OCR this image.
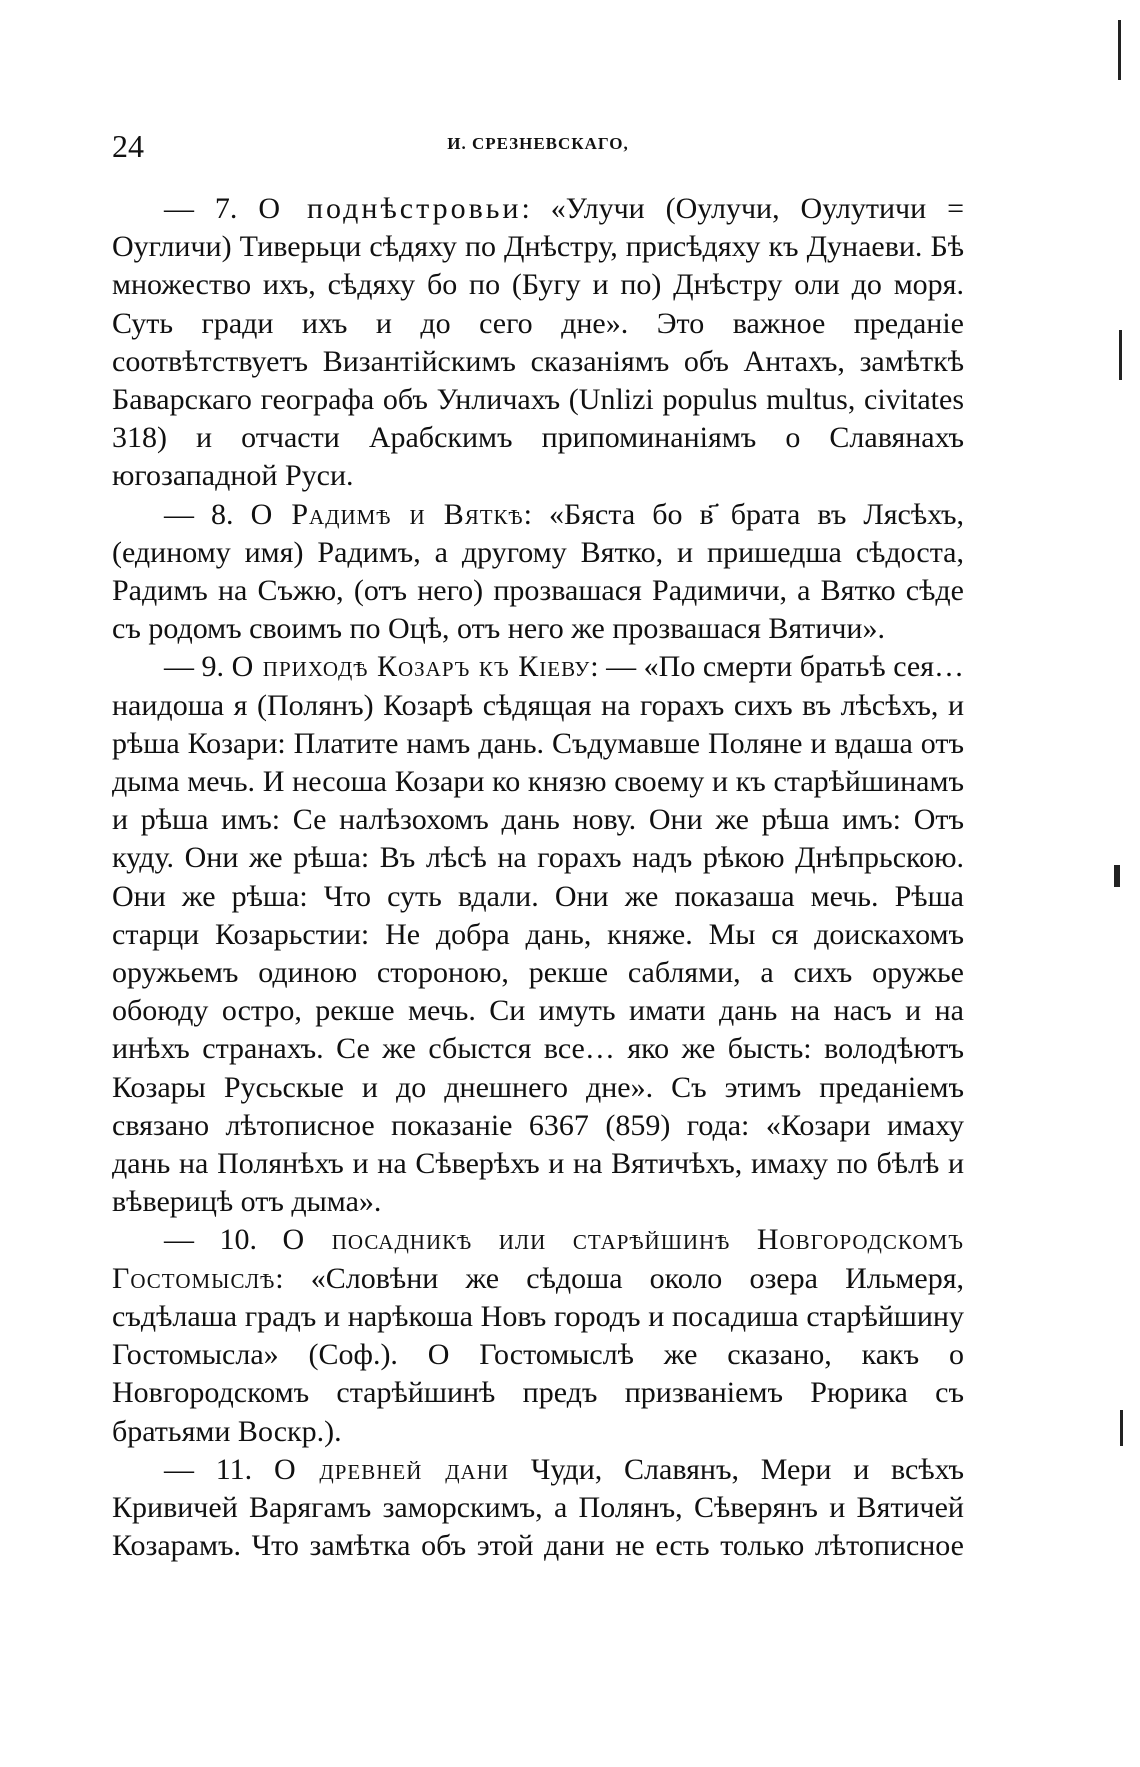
24	И. СРЕЗНЕВСКАГО,

— 7. О поднѣстровьи: «Улучи (Оулучи, Оулутичи = Оугличи) Тиверьци сѣдяху по Днѣстру, присѣдяху къ Дунаеви. Бѣ множество ихъ, сѣдяху бо по (Бугу и по) Днѣстру оли до моря. Суть гради ихъ и до сего дне». Это важное преданіе соотвѣтствуетъ Византійскимъ сказаніямъ объ Антахъ, замѣткѣ Баварскаго географа объ Унличахъ (Unlizi populus multus, civitates 318) и отчасти Арабскимъ припоминаніямъ о Славянахъ югозападной Руси.

— 8. О Радимѣ и Вяткѣ: «Бяста бо в҃ брата въ Лясѣхъ, (единому имя) Радимъ, а другому Вятко, и пришедша сѣдоста, Радимъ на Съжю, (отъ него) прозвашася Радимичи, а Вятко сѣде съ родомъ своимъ по Оцѣ, отъ него же прозвашася Вятичи».

— 9. О приходѣ Козаръ къ Кіеву: — «По смерти братьѣ сея… наидоша я (Полянъ) Козарѣ сѣдящая на горахъ сихъ въ лѣсѣхъ, и рѣша Козари: Платите намъ дань. Съдумавше Поляне и вдаша отъ дыма мечь. И несоша Козари ко князю своему и къ старѣйшинамъ и рѣша имъ: Се налѣзохомъ дань нову. Они же рѣша имъ: Отъ куду. Они же рѣша: Въ лѣсѣ на горахъ надъ рѣкою Днѣпрьскою. Они же рѣша: Что суть вдали. Они же показаша мечь. Рѣша старци Козарьстии: Не добра дань, княже. Мы ся доискахомъ оружьемъ одиною стороною, рекше саблями, а сихъ оружье обоюду остро, рекше мечь. Си имуть имати дань на насъ и на инѣхъ странахъ. Се же сбыстся все… яко же бысть: володѣютъ Козары Русьскые и до днешнего дне». Съ этимъ преданіемъ связано лѣтописное показаніе 6367 (859) года: «Козари имаху дань на Полянѣхъ и на Сѣверѣхъ и на Вятичѣхъ, имаху по бѣлѣ и вѣверицѣ отъ дыма».

— 10. О посадникѣ или старѣйшинѣ Новгородскомъ Гостомыслѣ: «Словѣни же сѣдоша около озера Ильмеря, съдѣлаша градъ и нарѣкоша Новъ городъ и посадиша старѣйшину Гостомысла» (Соф.). О Гостомыслѣ же сказано, какъ о Новгородскомъ старѣйшинѣ предъ призваніемъ Рюрика съ братьями Воскр.).

— 11. О древней дани Чуди, Славянъ, Мери и всѣхъ Кривичей Варягамъ заморскимъ, а Полянъ, Сѣверянъ и Вятичей Козарамъ. Что замѣтка объ этой дани не есть только лѣтописное
